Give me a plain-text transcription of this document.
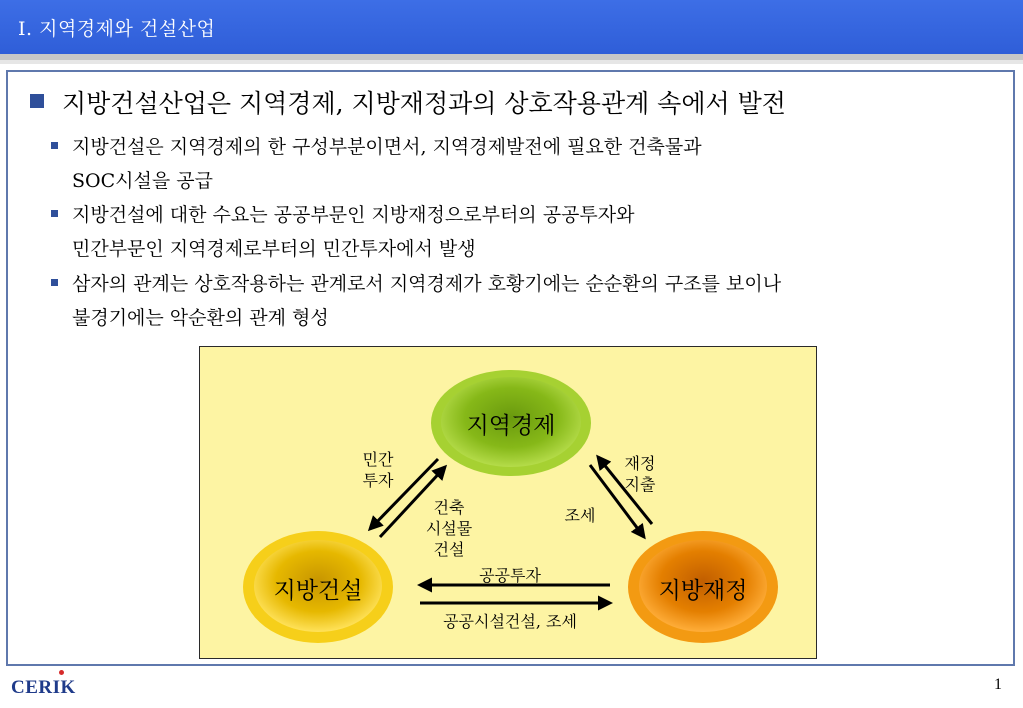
Ⅰ. 지역경제와 건설산업
지방건설산업은 지역경제, 지방재정과의 상호작용관계 속에서 발전
지방건설은 지역경제의 한 구성부분이면서, 지역경제발전에 필요한 건축물과
SOC시설을 공급
지방건설에 대한 수요는 공공부문인 지방재정으로부터의 공공투자와
민간부문인 지역경제로부터의 민간투자에서 발생
삼자의 관계는 상호작용하는 관계로서 지역경제가 호황기에는 순순환의 구조를 보이나
불경기에는 악순환의 관계 형성
지역경제
지방건설	지방재정
민간
투자
건축
시설물
건설
재정
지출
조세
공공투자
공공시설건설, 조세
CERIK	1
